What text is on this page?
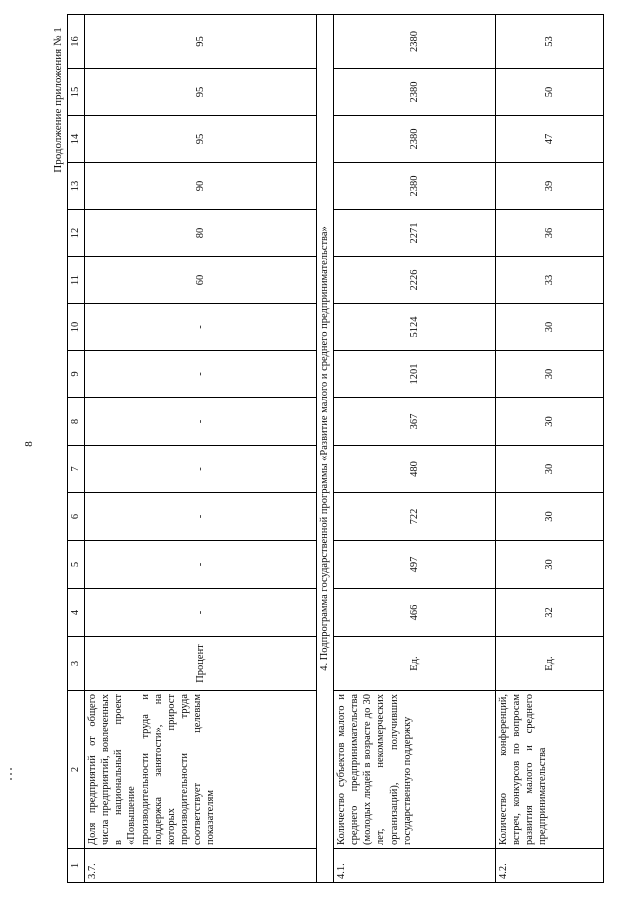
8
Продолжение приложения № 1
1	2	3	4	5	6	7	8	9	10	11	12	13	14	15	16
3.7.	Доля предприятий от общего числа предприятий, вовлеченных в национальный проект «Повышение производительности труда и поддержка занятости», на которых прирост производительности труда соответствует целевым показателям	Процент	-	-	-	-	-	-	-	60	80	90	95	95	95
4. Подпрограмма государственной программы «Развитие малого и среднего предпринимательства»															
4.1.	Количество субъектов малого и среднего предпринимательства (молодых людей в возрасте до 30 лет, некоммерческих организаций), получивших государственную поддержку	Ед.	466	497	722	480	367	1201	5124	2226	2271	2380	2380	2380	2380
4.2.	Количество конференций, встреч, конкурсов по вопросам развития малого и среднего предпринимательства	Ед.	32	30	30	30	30	30	30	33	36	39	47	50	53
